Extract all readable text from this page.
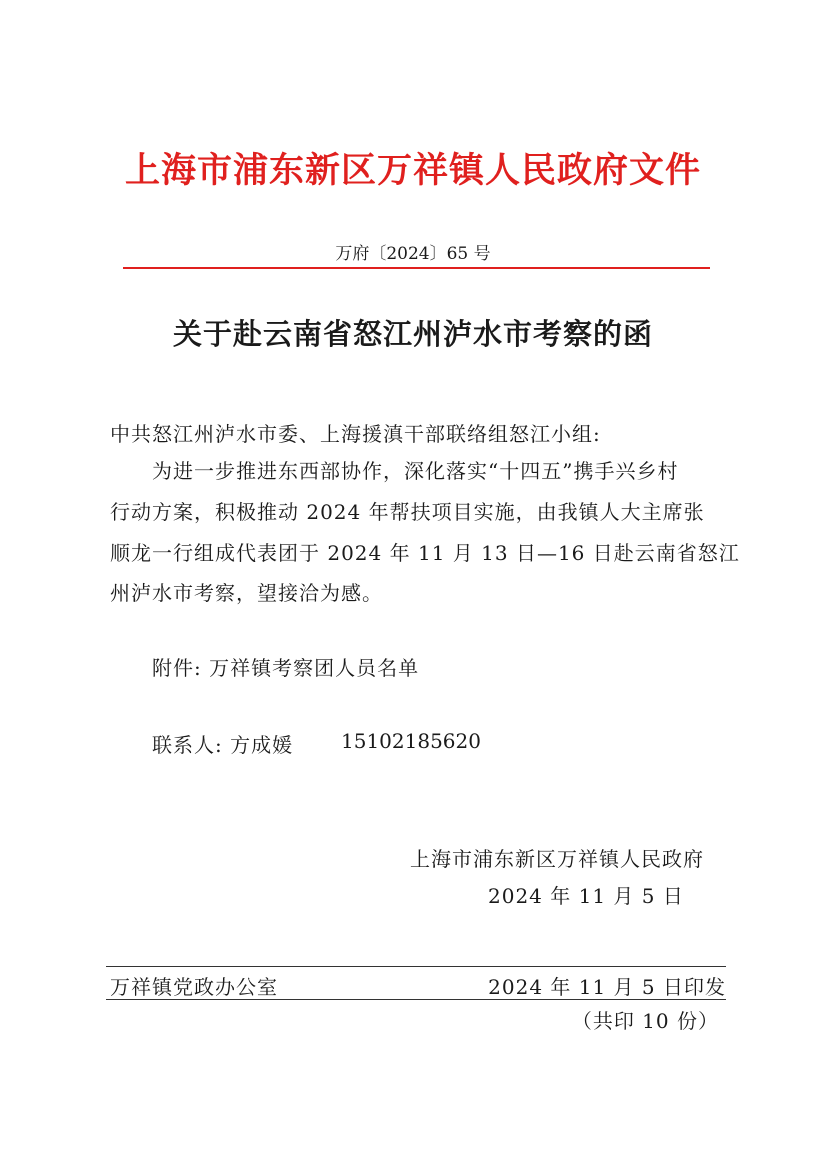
上海市浦东新区万祥镇人民政府文件
万府〔2024〕65 号
关于赴云南省怒江州泸水市考察的函
中共怒江州泸水市委、上海援滇干部联络组怒江小组:
为进一步推进东西部协作，深化落实“十四五”携手兴乡村
行动方案，积极推动 2024 年帮扶项目实施，由我镇人大主席张
顺龙一行组成代表团于 2024 年 11 月 13 日—16 日赴云南省怒江
州泸水市考察，望接洽为感。
附件: 万祥镇考察团人员名单
联系人: 方成媛 15102185620
上海市浦东新区万祥镇人民政府
2024 年 11 月 5 日
万祥镇党政办公室	2024 年 11 月 5 日印发
（共印 10 份）
